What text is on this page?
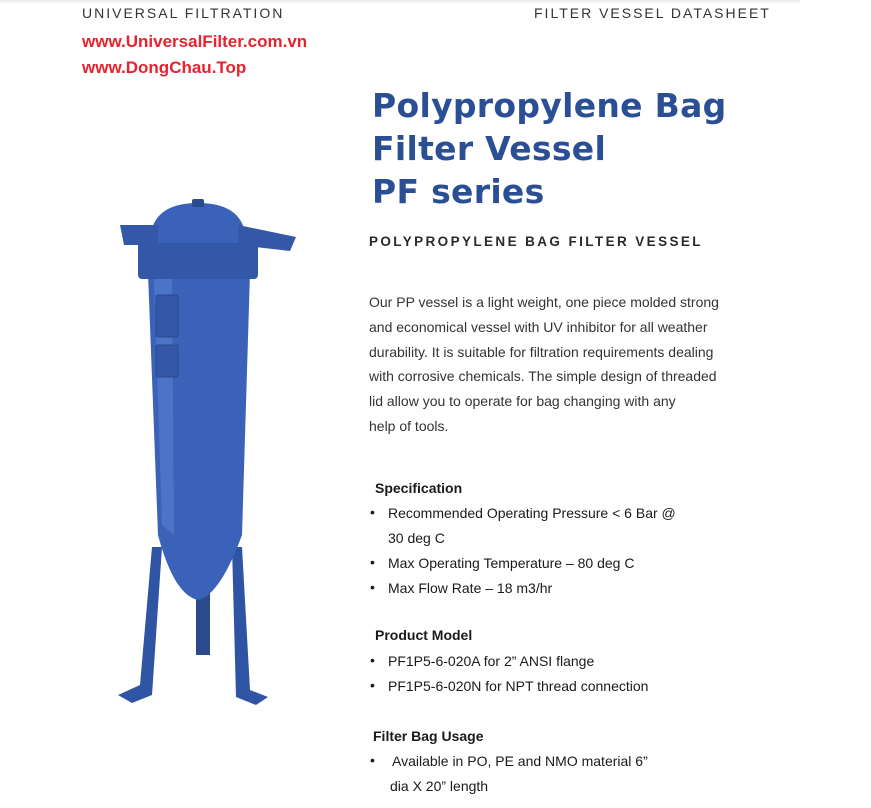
UNIVERSAL FILTRATION	FILTER VESSEL DATASHEET
www.UniversalFilter.com.vn
www.DongChau.Top
Polypropylene Bag
Filter Vessel
PF series
POLYPROPYLENE BAG FILTER VESSEL
Our PP vessel is a light weight, one piece molded strong
and economical vessel with UV inhibitor for all weather
durability. It is suitable for filtration requirements dealing
with corrosive chemicals. The simple design of threaded
lid allow you to operate for bag changing with any
help of tools.
Specification
• Recommended Operating Pressure < 6 Bar @
30 deg C
• Max Operating Temperature – 80 deg C
• Max Flow Rate – 18 m3/hr
Product Model
• PF1P5-6-020A for 2” ANSI flange
• PF1P5-6-020N for NPT thread connection
Filter Bag Usage
• Available in PO, PE and NMO material 6”
dia X 20” length
